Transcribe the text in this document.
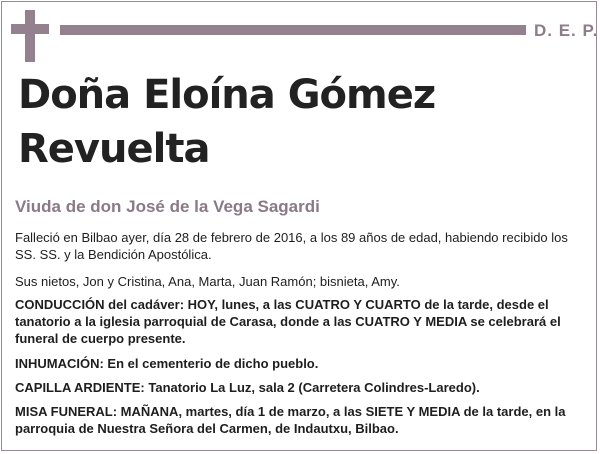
D. E. P.
Doña Eloína Gómez Revuelta
Viuda de don José de la Vega Sagardi
Falleció en Bilbao ayer, día 28 de febrero de 2016, a los 89 años de edad, habiendo recibido los SS. SS. y la Bendición Apostólica.
Sus nietos, Jon y Cristina, Ana, Marta, Juan Ramón; bisnieta, Amy.
CONDUCCIÓN del cadáver: HOY, lunes, a las CUATRO Y CUARTO de la tarde, desde el tanatorio a la iglesia parroquial de Carasa, donde a las CUATRO Y MEDIA se celebrará el funeral de cuerpo presente.
INHUMACIÓN: En el cementerio de dicho pueblo.
CAPILLA ARDIENTE: Tanatorio La Luz, sala 2 (Carretera Colindres-Laredo).
MISA FUNERAL: MAÑANA, martes, día 1 de marzo, a las SIETE Y MEDIA de la tarde, en la parroquia de Nuestra Señora del Carmen, de Indautxu, Bilbao.
